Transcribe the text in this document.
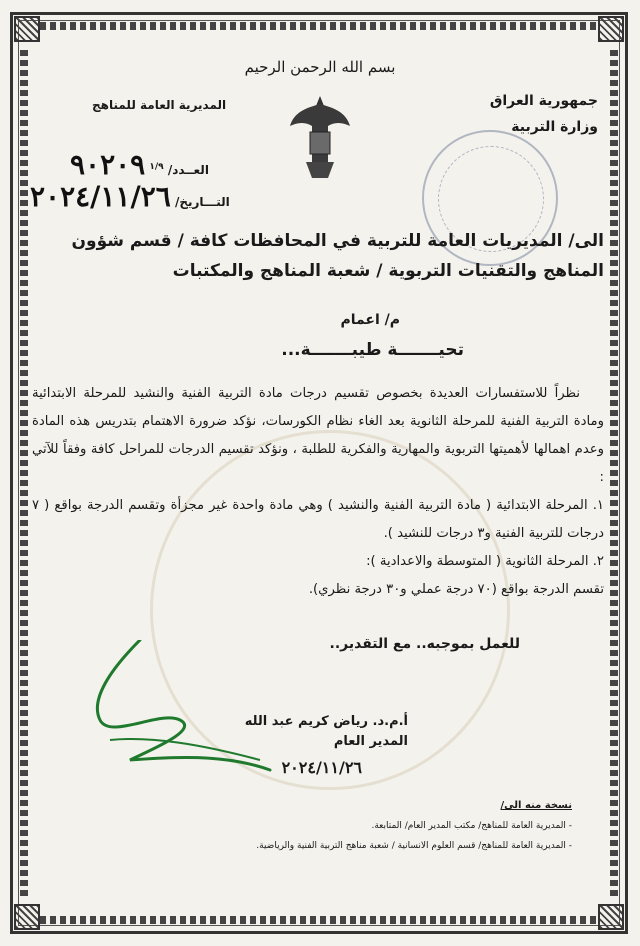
بسم الله الرحمن الرحيم
جمهورية العراق
وزارة التربية
المديرية العامة للمناهج
العــدد/ $^{١/٩}$ ٩٠٢٠٩
التـــاريخ/ ٢٠٢٤/١١/٢٦
الى/ المديريات العامة للتربية في المحافظات كافة / قسم شؤون المناهج والتقنيات التربوية / شعبة المناهج والمكتبات
م/ اعمام
تحيـــــــة طيبـــــــة...

نظراً للاستفسارات العديدة بخصوص تقسيم درجات مادة التربية الفنية والنشيد للمرحلة الابتدائية ومادة التربية الفنية للمرحلة الثانوية بعد الغاء نظام الكورسات، نؤكد ضرورة الاهتمام بتدريس هذه المادة وعدم اهمالها لأهميتها التربوية والمهارية والفكرية للطلبة ، ونؤكد تقسيم الدرجات للمراحل كافة وفقاً للآتي :

١. المرحلة الابتدائية ( مادة التربية الفنية والنشيد ) وهي مادة واحدة غير مجزأة وتقسم الدرجة بواقع ( ٧ درجات للتربية الفنية و٣ درجات للنشيد ).

٢. المرحلة الثانوية ( المتوسطة والاعدادية ):

تقسم الدرجة بواقع (٧٠ درجة عملي و٣٠ درجة نظري).

للعمل بموجبه.. مع التقدير..
أ.م.د. رياض كريم عبد الله
المدير العام
٢٠٢٤/١١/٢٦
نسخة منه الى/
- المديرية العامة للمناهج/ مكتب المدير العام/ المتابعة.
- المديرية العامة للمناهج/ قسم العلوم الانسانية / شعبة مناهج التربية الفنية والرياضية.
